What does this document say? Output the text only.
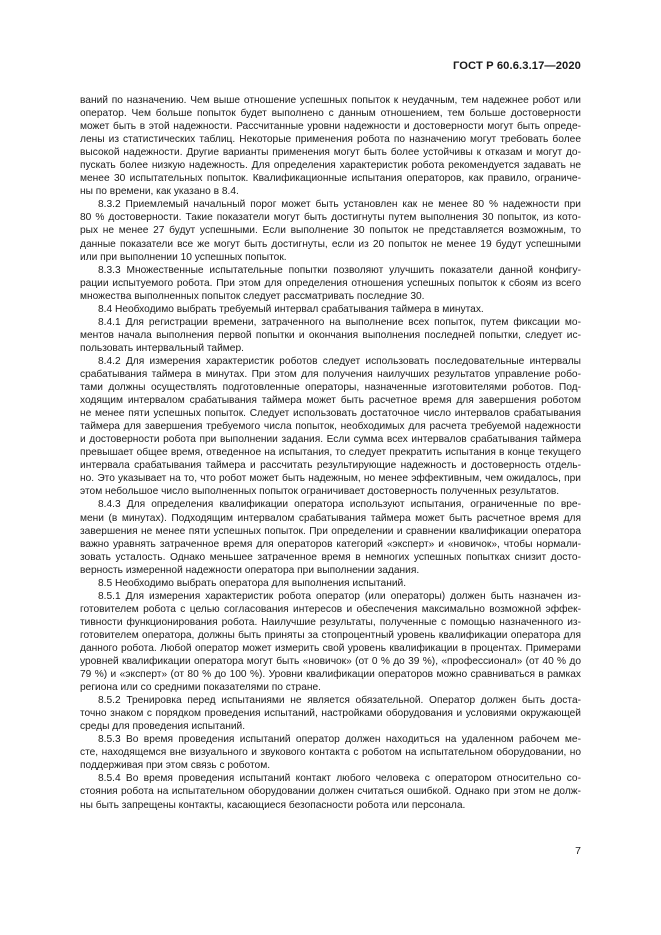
ГОСТ Р 60.6.3.17—2020
ваний по назначению. Чем выше отношение успешных попыток к неудачным, тем надежнее робот или
оператор. Чем больше попыток будет выполнено с данным отношением, тем больше достоверности
может быть в этой надежности. Рассчитанные уровни надежности и достоверности могут быть опреде-
лены из статистических таблиц. Некоторые применения робота по назначению могут требовать более
высокой надежности. Другие варианты применения могут быть более устойчивы к отказам и могут до-
пускать более низкую надежность. Для определения характеристик робота рекомендуется задавать не
менее 30 испытательных попыток. Квалификационные испытания операторов, как правило, ограниче-
ны по времени, как указано в 8.4.
8.3.2 Приемлемый начальный порог может быть установлен как не менее 80 % надежности при
80 % достоверности. Такие показатели могут быть достигнуты путем выполнения 30 попыток, из кото-
рых не менее 27 будут успешными. Если выполнение 30 попыток не представляется возможным, то
данные показатели все же могут быть достигнуты, если из 20 попыток не менее 19 будут успешными
или при выполнении 10 успешных попыток.
8.3.3 Множественные испытательные попытки позволяют улучшить показатели данной конфигу-
рации испытуемого робота. При этом для определения отношения успешных попыток к сбоям из всего
множества выполненных попыток следует рассматривать последние 30.
8.4 Необходимо выбрать требуемый интервал срабатывания таймера в минутах.
8.4.1 Для регистрации времени, затраченного на выполнение всех попыток, путем фиксации мо-
ментов начала выполнения первой попытки и окончания выполнения последней попытки, следует ис-
пользовать интервальный таймер.
8.4.2 Для измерения характеристик роботов следует использовать последовательные интервалы
срабатывания таймера в минутах. При этом для получения наилучших результатов управление робо-
тами должны осуществлять подготовленные операторы, назначенные изготовителями роботов. Под-
ходящим интервалом срабатывания таймера может быть расчетное время для завершения роботом
не менее пяти успешных попыток. Следует использовать достаточное число интервалов срабатывания
таймера для завершения требуемого числа попыток, необходимых для расчета требуемой надежности
и достоверности робота при выполнении задания. Если сумма всех интервалов срабатывания таймера
превышает общее время, отведенное на испытания, то следует прекратить испытания в конце текущего
интервала срабатывания таймера и рассчитать результирующие надежность и достоверность отдель-
но. Это указывает на то, что робот может быть надежным, но менее эффективным, чем ожидалось, при
этом небольшое число выполненных попыток ограничивает достоверность полученных результатов.
8.4.3 Для определения квалификации оператора используют испытания, ограниченные по вре-
мени (в минутах). Подходящим интервалом срабатывания таймера может быть расчетное время для
завершения не менее пяти успешных попыток. При определении и сравнении квалификации оператора
важно уравнять затраченное время для операторов категорий «эксперт» и «новичок», чтобы нормали-
зовать усталость. Однако меньшее затраченное время в немногих успешных попытках снизит досто-
верность измеренной надежности оператора при выполнении задания.
8.5 Необходимо выбрать оператора для выполнения испытаний.
8.5.1 Для измерения характеристик робота оператор (или операторы) должен быть назначен из-
готовителем робота с целью согласования интересов и обеспечения максимально возможной эффек-
тивности функционирования робота. Наилучшие результаты, полученные с помощью назначенного из-
готовителем оператора, должны быть приняты за стопроцентный уровень квалификации оператора для
данного робота. Любой оператор может измерить свой уровень квалификации в процентах. Примерами
уровней квалификации оператора могут быть «новичок» (от 0 % до 39 %), «профессионал» (от 40 % до
79 %) и «эксперт» (от 80 % до 100 %). Уровни квалификации операторов можно сравниваться в рамках
региона или со средними показателями по стране.
8.5.2 Тренировка перед испытаниями не является обязательной. Оператор должен быть доста-
точно знаком с порядком проведения испытаний, настройками оборудования и условиями окружающей
среды для проведения испытаний.
8.5.3 Во время проведения испытаний оператор должен находиться на удаленном рабочем ме-
сте, находящемся вне визуального и звукового контакта с роботом на испытательном оборудовании, но
поддерживая при этом связь с роботом.
8.5.4 Во время проведения испытаний контакт любого человека с оператором относительно со-
стояния робота на испытательном оборудовании должен считаться ошибкой. Однако при этом не долж-
ны быть запрещены контакты, касающиеся безопасности робота или персонала.
7
